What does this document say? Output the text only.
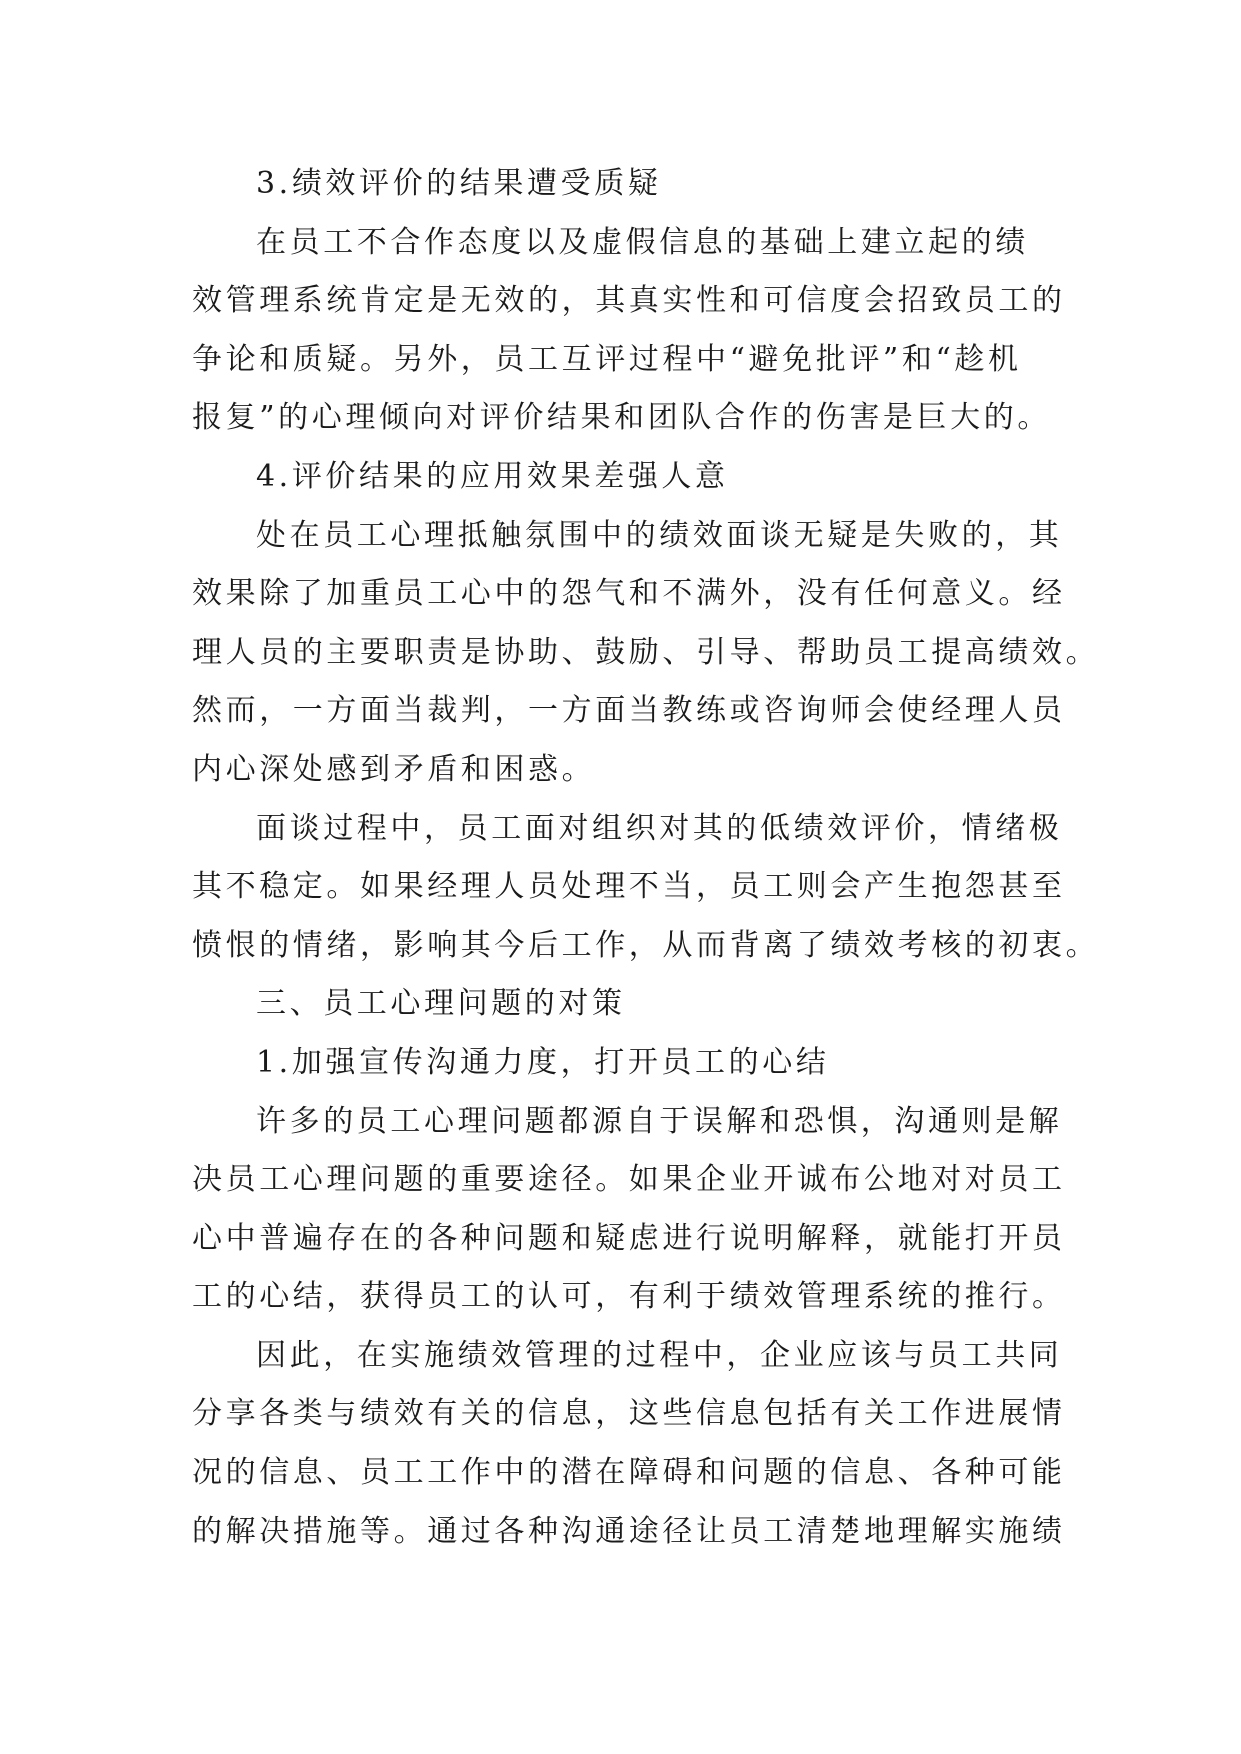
3.绩效评价的结果遭受质疑

在员工不合作态度以及虚假信息的基础上建立起的绩
效管理系统肯定是无效的，其真实性和可信度会招致员工的
争论和质疑。另外，员工互评过程中“避免批评”和“趁机
报复”的心理倾向对评价结果和团队合作的伤害是巨大的。

4.评价结果的应用效果差强人意

处在员工心理抵触氛围中的绩效面谈无疑是失败的，其
效果除了加重员工心中的怨气和不满外，没有任何意义。经
理人员的主要职责是协助、鼓励、引导、帮助员工提高绩效。
然而，一方面当裁判，一方面当教练或咨询师会使经理人员
内心深处感到矛盾和困惑。

面谈过程中，员工面对组织对其的低绩效评价，情绪极
其不稳定。如果经理人员处理不当，员工则会产生抱怨甚至
愤恨的情绪，影响其今后工作，从而背离了绩效考核的初衷。

三、员工心理问题的对策

1.加强宣传沟通力度，打开员工的心结

许多的员工心理问题都源自于误解和恐惧，沟通则是解
决员工心理问题的重要途径。如果企业开诚布公地对对员工
心中普遍存在的各种问题和疑虑进行说明解释，就能打开员
工的心结，获得员工的认可，有利于绩效管理系统的推行。

因此，在实施绩效管理的过程中，企业应该与员工共同
分享各类与绩效有关的信息，这些信息包括有关工作进展情
况的信息、员工工作中的潜在障碍和问题的信息、各种可能
的解决措施等。通过各种沟通途径让员工清楚地理解实施绩
